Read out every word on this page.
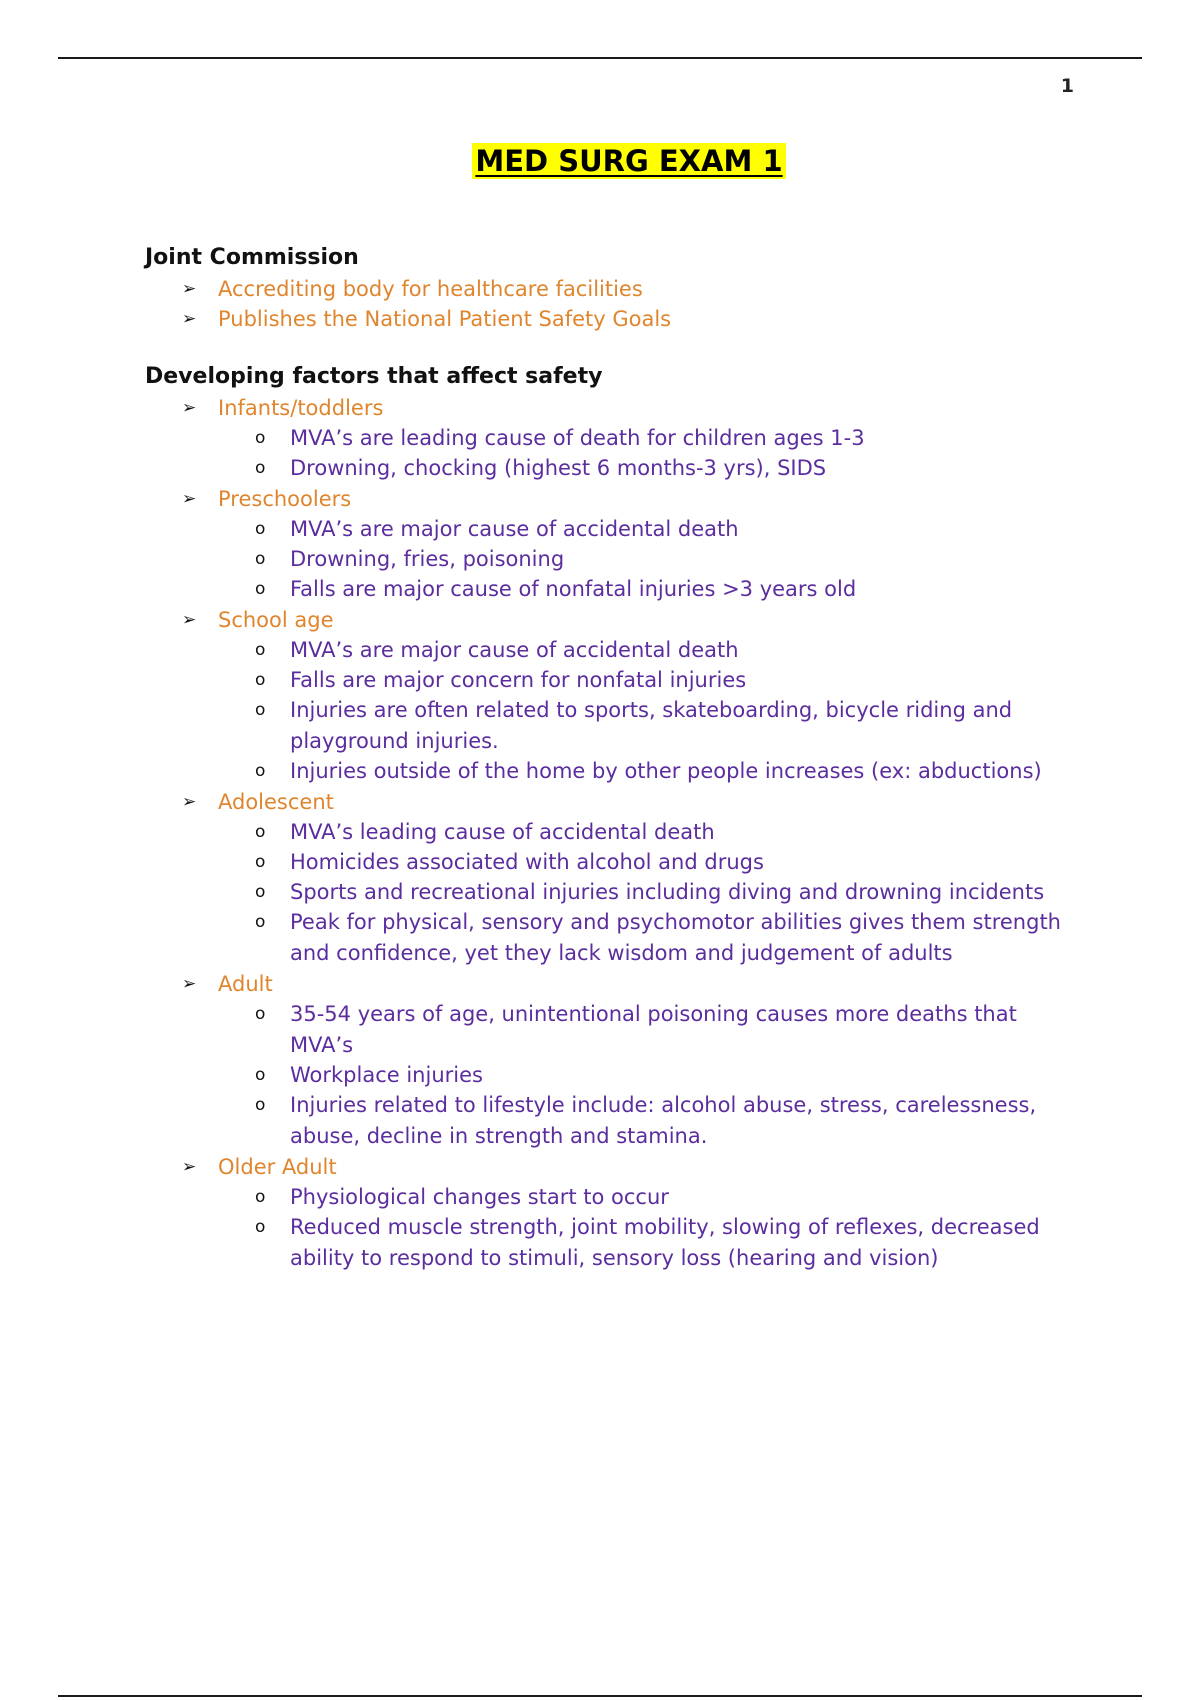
1
MED SURG EXAM 1
Joint Commission
➢ Accrediting body for healthcare facilities
➢ Publishes the National Patient Safety Goals
Developing factors that affect safety
➢ Infants/toddlers
o MVA’s are leading cause of death for children ages 1-3
o Drowning, chocking (highest 6 months-3 yrs), SIDS
➢ Preschoolers
o MVA’s are major cause of accidental death
o Drowning, fries, poisoning
o Falls are major cause of nonfatal injuries >3 years old
➢ School age
o MVA’s are major cause of accidental death
o Falls are major concern for nonfatal injuries
o Injuries are often related to sports, skateboarding, bicycle riding and playground injuries.
o Injuries outside of the home by other people increases (ex: abductions)
➢ Adolescent
o MVA’s leading cause of accidental death
o Homicides associated with alcohol and drugs
o Sports and recreational injuries including diving and drowning incidents
o Peak for physical, sensory and psychomotor abilities gives them strength and confidence, yet they lack wisdom and judgement of adults
➢ Adult
o 35-54 years of age, unintentional poisoning causes more deaths that MVA’s
o Workplace injuries
o Injuries related to lifestyle include: alcohol abuse, stress, carelessness, abuse, decline in strength and stamina.
➢ Older Adult
o Physiological changes start to occur
o Reduced muscle strength, joint mobility, slowing of reflexes, decreased ability to respond to stimuli, sensory loss (hearing and vision)
